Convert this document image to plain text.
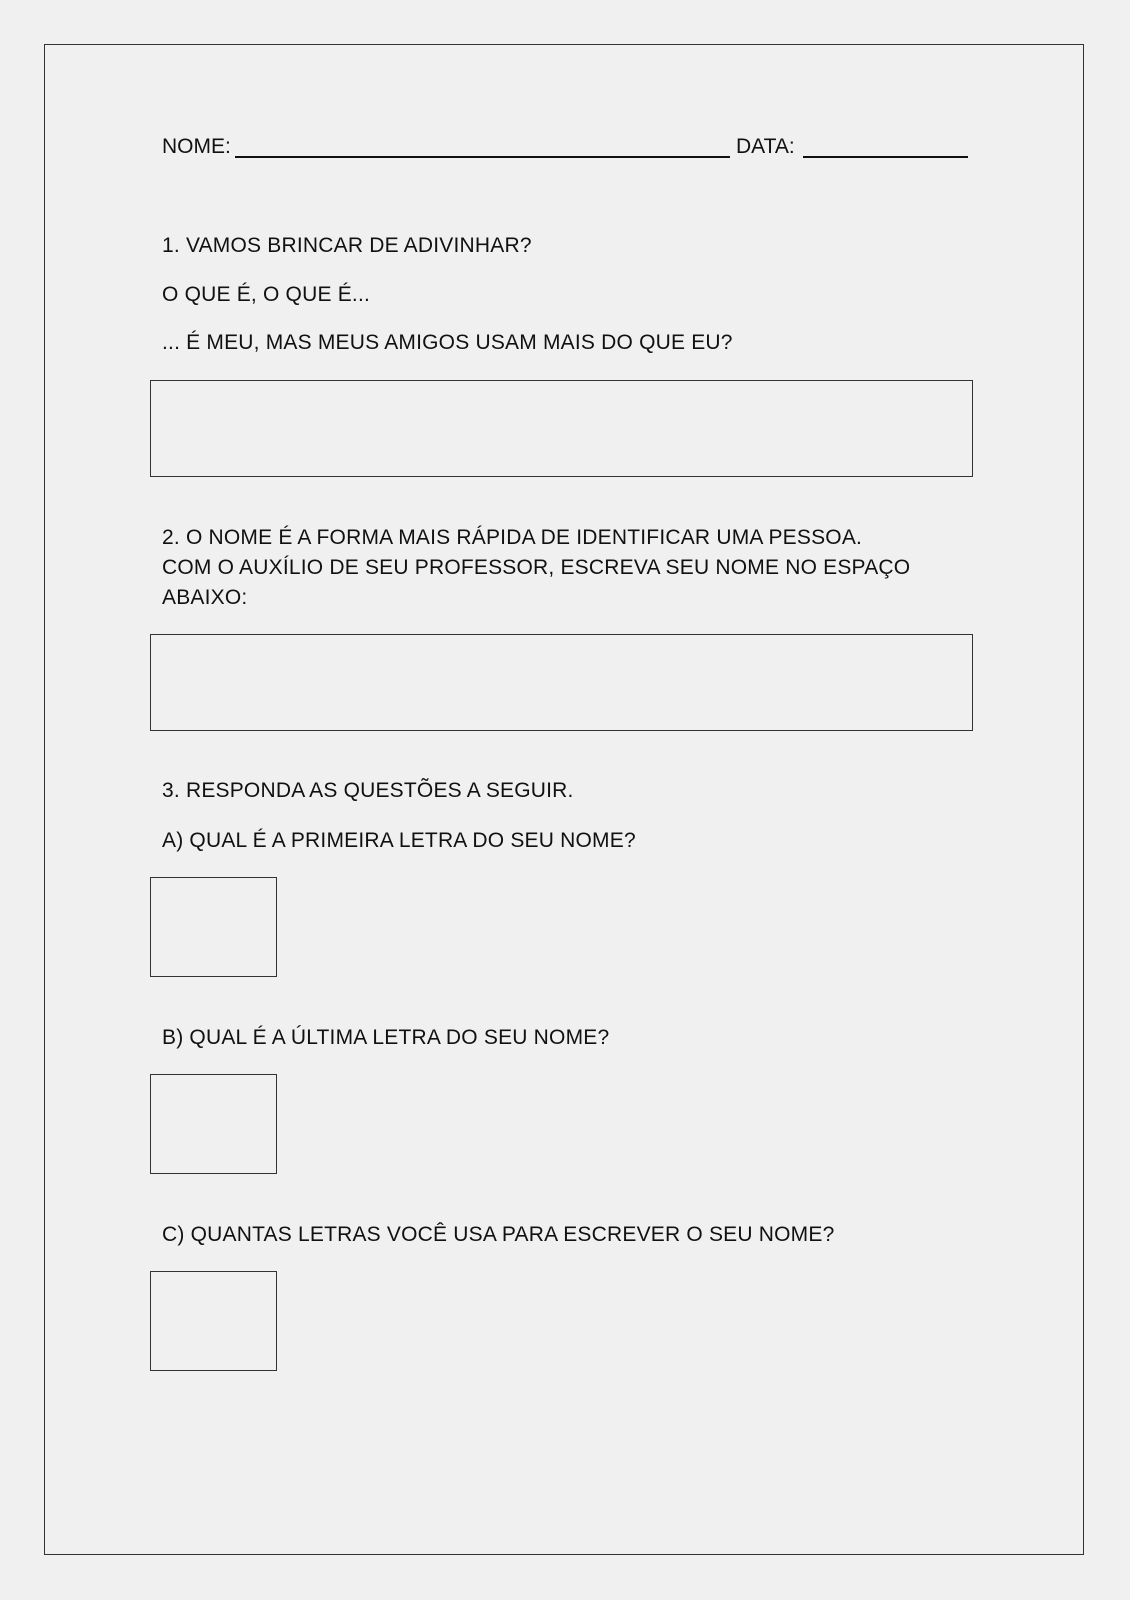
NOME:	DATA:
1. VAMOS BRINCAR DE ADIVINHAR?
O QUE É, O QUE É...
... É MEU, MAS MEUS AMIGOS USAM MAIS DO QUE EU?
2. O NOME É A FORMA MAIS RÁPIDA DE IDENTIFICAR UMA PESSOA.
COM O AUXÍLIO DE SEU PROFESSOR, ESCREVA SEU NOME NO ESPAÇO
ABAIXO:
3. RESPONDA AS QUESTÕES A SEGUIR.
A) QUAL É A PRIMEIRA LETRA DO SEU NOME?
B) QUAL É A ÚLTIMA LETRA DO SEU NOME?
C) QUANTAS LETRAS VOCÊ USA PARA ESCREVER O SEU NOME?
